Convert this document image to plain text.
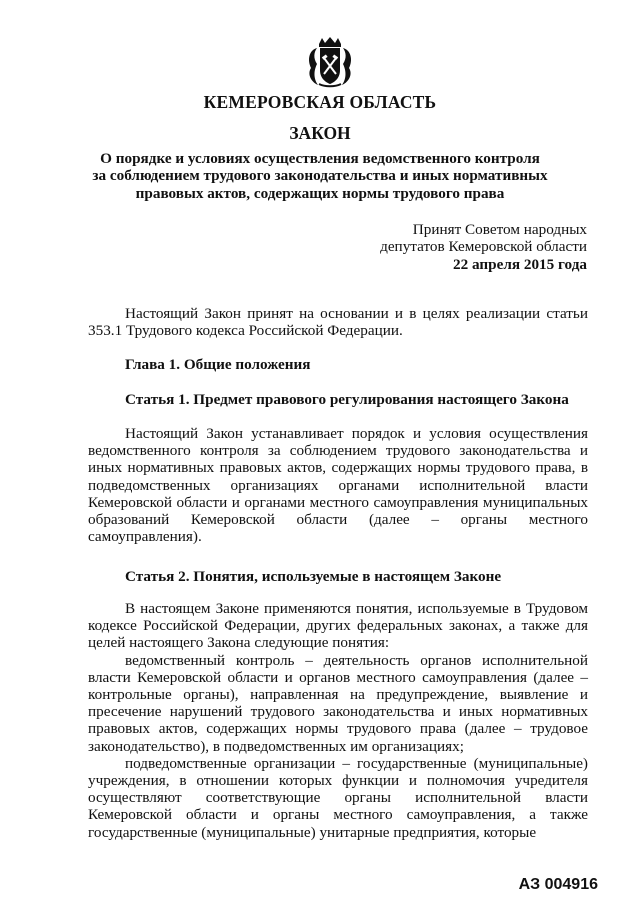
КЕМЕРОВСКАЯ ОБЛАСТЬ
ЗАКОН
О порядке и условиях осуществления ведомственного контроля
за соблюдением трудового законодательства и иных нормативных
правовых актов, содержащих нормы трудового права
Принят Советом народных
депутатов Кемеровской области
22 апреля 2015 года

Настоящий Закон принят на основании и в целях реализации статьи 353.1 Трудового кодекса Российской Федерации.

Глава 1. Общие положения
Статья 1. Предмет правового регулирования настоящего Закона

Настоящий Закон устанавливает порядок и условия осуществления ведомственного контроля за соблюдением трудового законодательства и иных нормативных правовых актов, содержащих нормы трудового права, в подведомственных организациях органами исполнительной власти Кемеровской области и органами местного самоуправления муниципальных образований Кемеровской области (далее – органы местного самоуправления).

Статья 2. Понятия, используемые в настоящем Законе

В настоящем Законе применяются понятия, используемые в Трудовом кодексе Российской Федерации, других федеральных законах, а также для целей настоящего Закона следующие понятия:

ведомственный контроль – деятельность органов исполнительной власти Кемеровской области и органов местного самоуправления (далее – контрольные органы), направленная на предупреждение, выявление и пресечение нарушений трудового законодательства и иных нормативных правовых актов, содержащих нормы трудового права (далее – трудовое законодательство), в подведомственных им организациях;

подведомственные организации – государственные (муниципальные) учреждения, в отношении которых функции и полномочия учредителя осуществляют соответствующие органы исполнительной власти Кемеровской области и органы местного самоуправления, а также государственные (муниципальные) унитарные предприятия, которые

АЗ 004916
